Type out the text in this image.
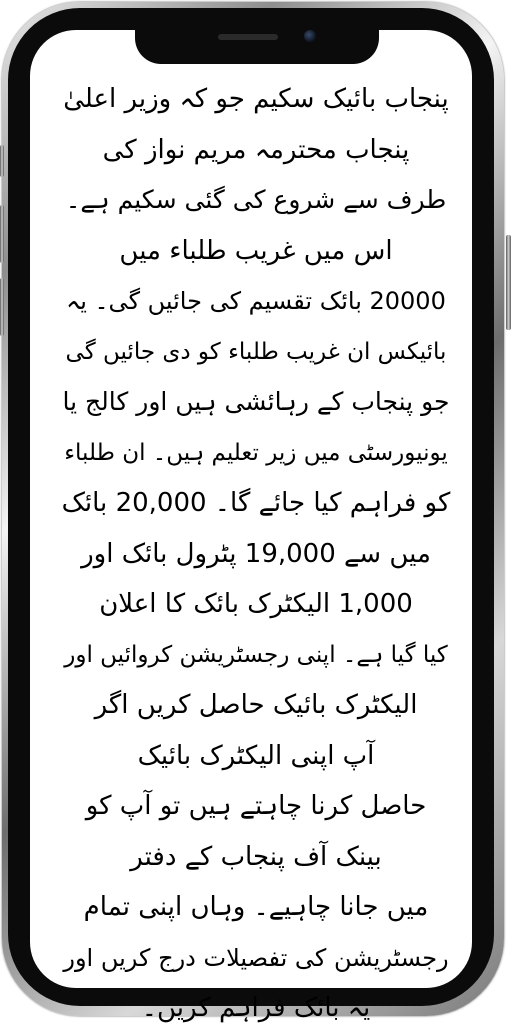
پنجاب بائیک سکیم جو کہ وزیر اعلیٰ
پنجاب محترمہ مریم نواز کی
طرف سے شروع کی گئی سکیم ہے۔
اس میں غریب طلباء میں
20000 بائک تقسیم کی جائیں گی۔ یہ
بائیکس ان غریب طلباء کو دی جائیں گی
جو پنجاب کے رہائشی ہیں اور کالج یا
یونیورسٹی میں زیر تعلیم ہیں۔ ان طلباء
کو فراہم کیا جائے گا۔ 20,000 بائک
میں سے 19,000 پٹرول بائک اور
1,000 الیکٹرک بائک کا اعلان
کیا گیا ہے۔ اپنی رجسٹریشن کروائیں اور
الیکٹرک بائیک حاصل کریں اگر
آپ اپنی الیکٹرک بائیک
حاصل کرنا چاہتے ہیں تو آپ کو
بینک آف پنجاب کے دفتر
میں جانا چاہیے۔ وہاں اپنی تمام
رجسٹریشن کی تفصیلات درج کریں اور
یہ بائک فراہم کریں۔
